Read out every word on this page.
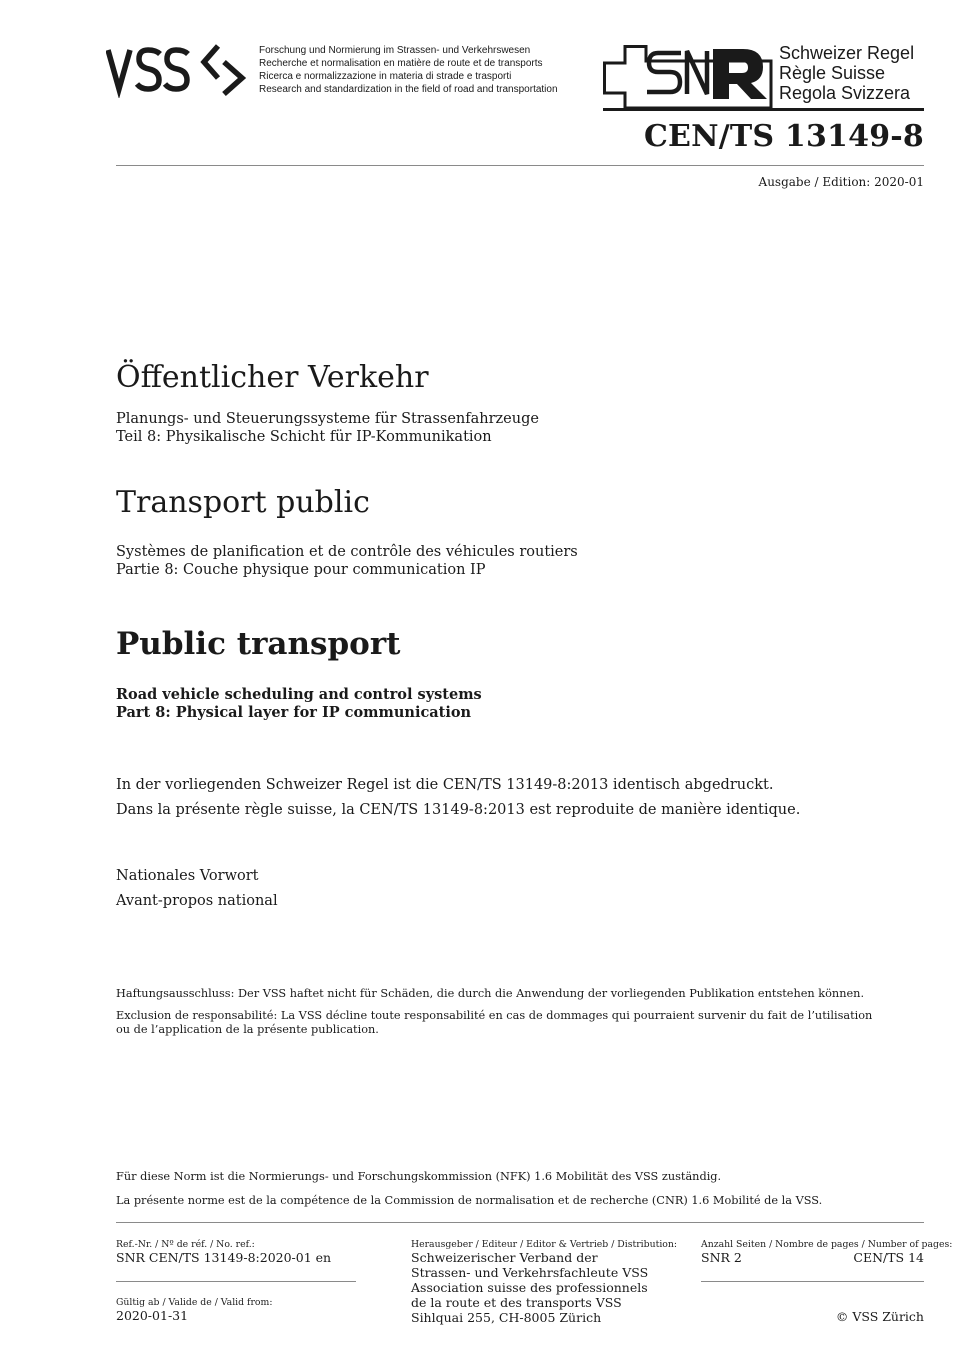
Forschung und Normierung im Strassen- und Verkehrswesen
Recherche et normalisation en matière de route et de transports
Ricerca e normalizzazione in materia di strade e trasporti
Research and standardization in the field of road and transportation
Schweizer Regel
Règle Suisse
Regola Svizzera
CEN/TS 13149-8
Ausgabe / Edition: 2020-01
Öffentlicher Verkehr
Planungs- und Steuerungssysteme für Strassenfahrzeuge
Teil 8: Physikalische Schicht für IP-Kommunikation
Transport public
Systèmes de planification et de contrôle des véhicules routiers
Partie 8: Couche physique pour communication IP
Public transport
Road vehicle scheduling and control systems
Part 8: Physical layer for IP communication
In der vorliegenden Schweizer Regel ist die CEN/TS 13149-8:2013 identisch abgedruckt.
Dans la présente règle suisse, la CEN/TS 13149-8:2013 est reproduite de manière identique.
Nationales Vorwort
Avant-propos national
Haftungsausschluss: Der VSS haftet nicht für Schäden, die durch die Anwendung der vorliegenden Publikation entstehen können.
Exclusion de responsabilité: La VSS décline toute responsabilité en cas de dommages qui pourraient survenir du fait de l’utilisation
ou de l’application de la présente publication.
Für diese Norm ist die Normierungs- und Forschungskommission (NFK) 1.6 Mobilität des VSS zuständig.
La présente norme est de la compétence de la Commission de normalisation et de recherche (CNR) 1.6 Mobilité de la VSS.
Ref.-Nr. / Nº de réf. / No. ref.:
SNR CEN/TS 13149-8:2020-01 en
Gültig ab / Valide de / Valid from:
2020-01-31
Herausgeber / Editeur / Editor & Vertrieb / Distribution:
Schweizerischer Verband der
Strassen- und Verkehrsfachleute VSS
Association suisse des professionnels
de la route et des transports VSS
Sihlquai 255, CH-8005 Zürich
Anzahl Seiten / Nombre de pages / Number of pages:
SNR 2	CEN/TS 14
© VSS Zürich
